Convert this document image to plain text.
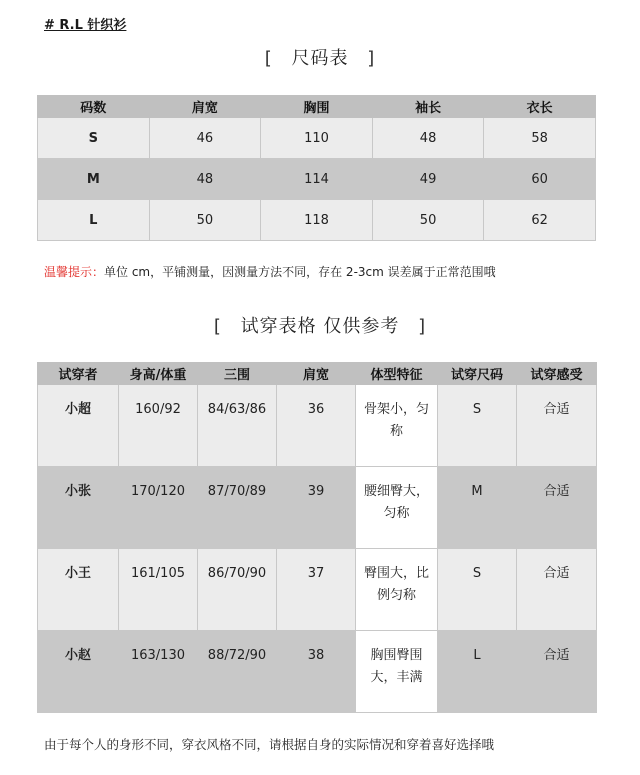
# R.L 针织衫
[ 尺码表 ]
码数	肩宽	胸围	袖长	衣长
S	46	110	48	58
M	48	114	49	60
L	50	118	50	62
温馨提示：单位 cm，平铺测量，因测量方法不同，存在 2-3cm 误差属于正常范围哦
[ 试穿表格 仅供参考 ]
试穿者	身高/体重	三围	肩宽	体型特征	试穿尺码	试穿感受
小超	160/92	84/63/86	36	骨架小，匀称	S	合适
小张	170/120	87/70/89	39	腰细臀大，匀称	M	合适
小王	161/105	86/70/90	37	臀围大，比例匀称	S	合适
小赵	163/130	88/72/90	38	胸围臀围大，丰满	L	合适
由于每个人的身形不同，穿衣风格不同，请根据自身的实际情况和穿着喜好选择哦
